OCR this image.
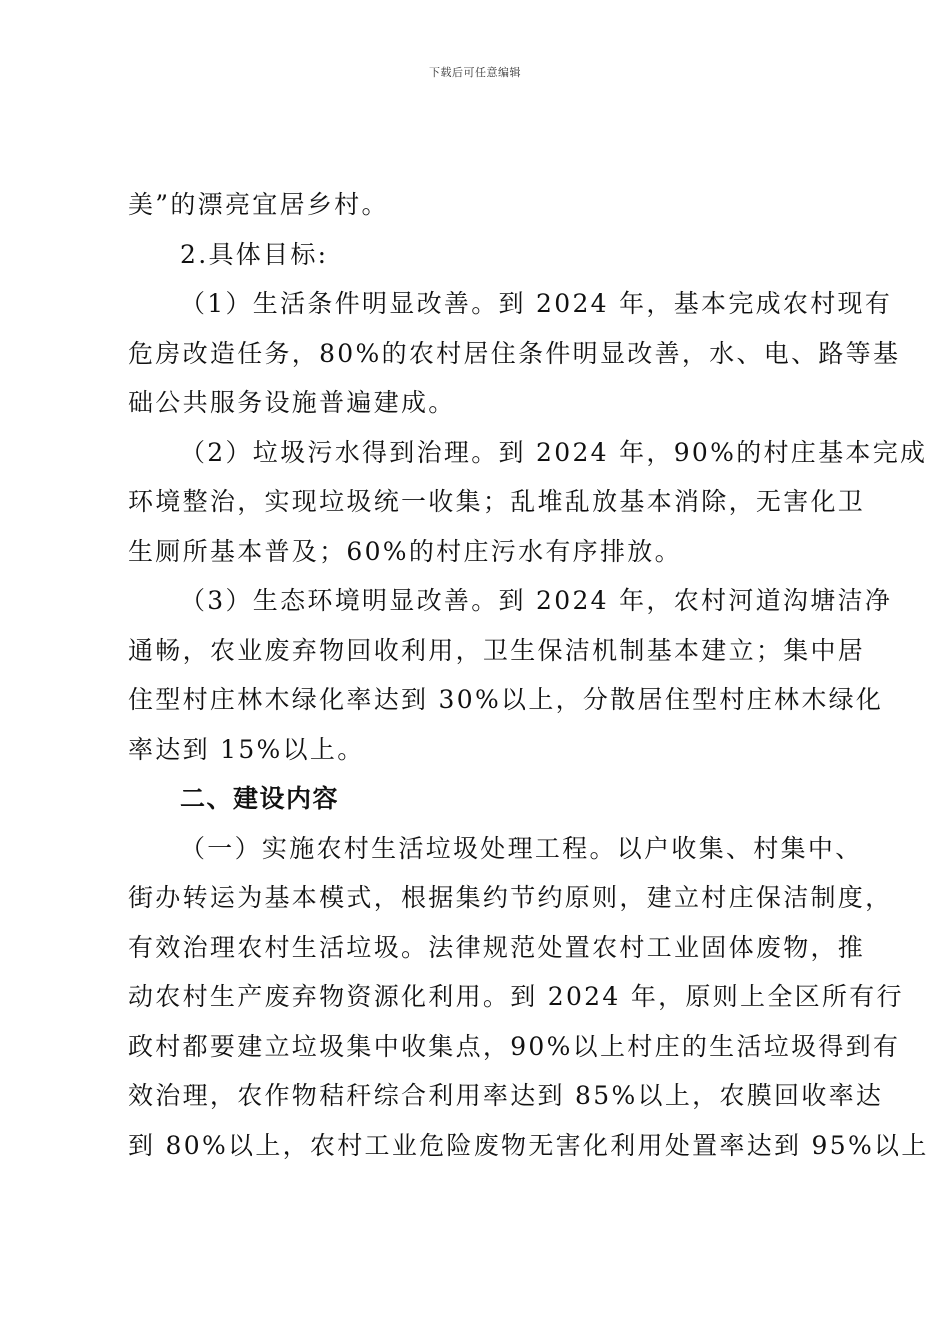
下载后可任意编辑
美”的漂亮宜居乡村。
2.具体目标:
（1）生活条件明显改善。到 2024 年，基本完成农村现有
危房改造任务，80%的农村居住条件明显改善，水、电、路等基
础公共服务设施普遍建成。
（2）垃圾污水得到治理。到 2024 年，90%的村庄基本完成
环境整治，实现垃圾统一收集；乱堆乱放基本消除，无害化卫
生厕所基本普及；60%的村庄污水有序排放。
（3）生态环境明显改善。到 2024 年，农村河道沟塘洁净
通畅，农业废弃物回收利用，卫生保洁机制基本建立；集中居
住型村庄林木绿化率达到 30%以上，分散居住型村庄林木绿化
率达到 15%以上。
二、建设内容
（一）实施农村生活垃圾处理工程。以户收集、村集中、
街办转运为基本模式，根据集约节约原则，建立村庄保洁制度，
有效治理农村生活垃圾。法律规范处置农村工业固体废物，推
动农村生产废弃物资源化利用。到 2024 年，原则上全区所有行
政村都要建立垃圾集中收集点，90%以上村庄的生活垃圾得到有
效治理，农作物秸秆综合利用率达到 85%以上，农膜回收率达
到 80%以上，农村工业危险废物无害化利用处置率达到 95%以上
